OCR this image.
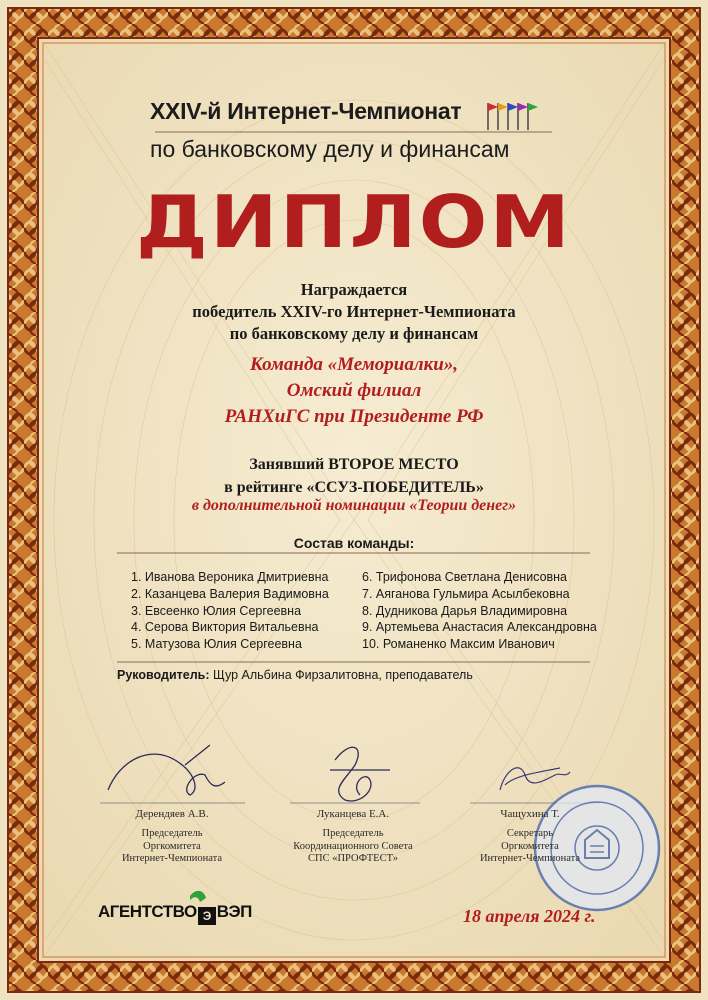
XXIV-й Интернет-Чемпионат
по банковскому делу и финансам
ДИПЛОМ
Награждается
победитель XXIV-го Интернет-Чемпионата
по банковскому делу и финансам
Команда «Мемориалки»,
Омский филиал
РАНХиГС при Президенте РФ
Занявший ВТОРОЕ МЕСТО
в рейтинге «ССУЗ-ПОБЕДИТЕЛЬ»
в дополнительной номинации «Теории денег»
Состав команды:
1. Иванова Вероника Дмитриевна
2. Казанцева Валерия Вадимовна
3. Евсеенко Юлия Сергеевна
4. Серова Виктория Витальевна
5. Матузова Юлия Сергеевна
6. Трифонова Светлана Денисовна
7. Аяганова Гульмира Асылбековна
8. Дудникова Дарья Владимировна
9. Артемьева Анастасия Александровна
10. Романенко Максим Иванович
Руководитель: Щур Альбина Фирзалитовна, преподаватель
Дерендяев А.В.
Председатель
Оргкомитета
Интернет-Чемпионата
Луканцева Е.А.
Председатель
Координационного Совета
СПС «ПРОФТЕСТ»
Чащухина Т.
Секретарь
Оргкомитета
Интернет-Чемпионата
АГЕНТСТВО Э ВЭП	18 апреля 2024 г.
